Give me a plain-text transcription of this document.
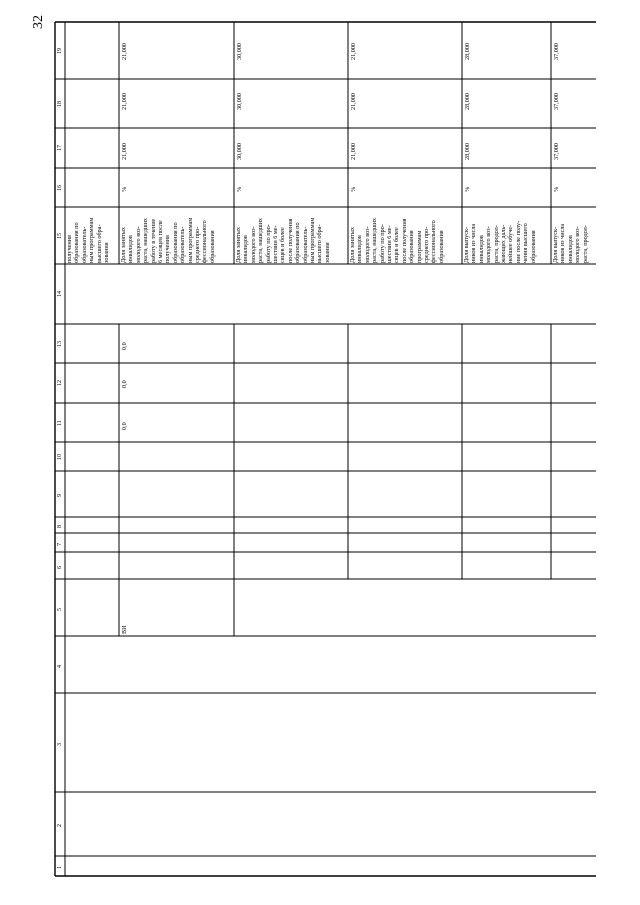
32
1
2
3
4
5
6
7
8
9
10
11
12
13
14
15
16
17
18
19
получения
образования по
образователь-
ным программам
высшего обра-
зования Доля занятых
инвалидов
молодого воз-
раста, нашедших
работу в течение
6 месяцев после
получения
образования по
образователь-
ным программам
среднего про-
фессионального
образования
%
21,000
21,000
21,000
Доля занятых
инвалидов
молодого воз-
раста, нашедших
работу по про-
шествии 6 ме-
сяцев и более
после получения
образования по
образователь-
ным программам
высшего обра-
зования
%
30,000
30,000
30,000
Доля занятых
инвалидов
молодого воз-
раста, нашедших
работу по про-
шествии 6 ме-
сяцев и более
после получения
образования
программам
среднего про-
фессионального
образования
%
21,000
21,000
21,000
Доля выпуск-
ников из числа
инвалидов
молодого воз-
раста, продол-
жающих даль-
нейшее обуче-
ние после полу-
чения высшего
образования
%
28,000
28,000
28,000
Доля выпуск-
ников из числа
инвалидов
молодого воз-
раста, продол-
%
37,000
37,000
37,000
0,0
0,0
0,0
ВИ
